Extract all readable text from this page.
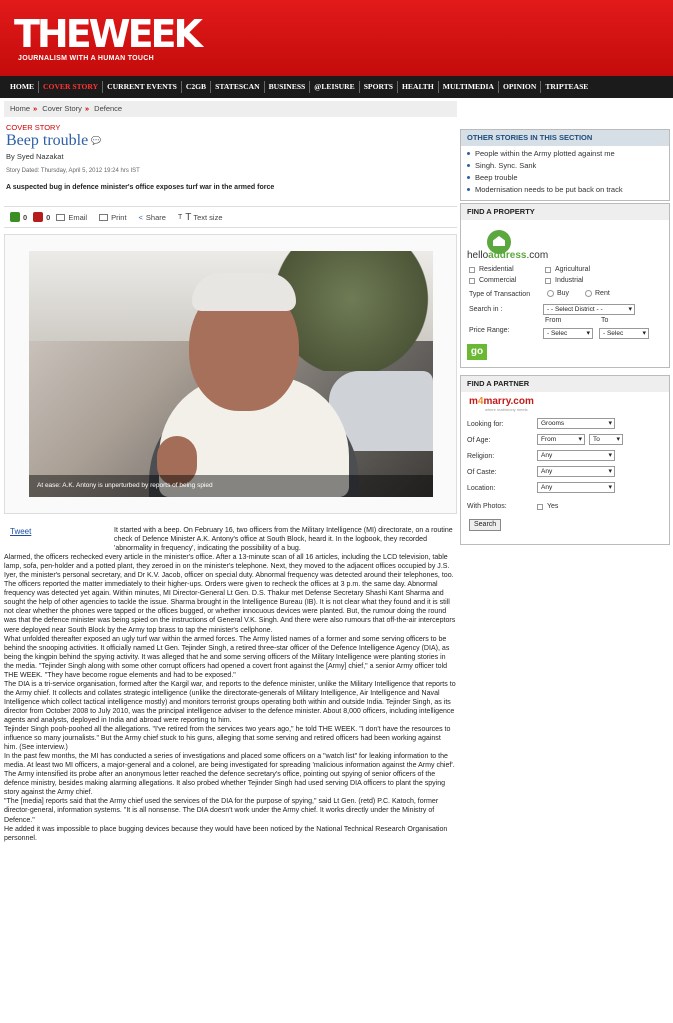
THEWEEK
JOURNALISM WITH A HUMAN TOUCH
HOME	COVER STORY	CURRENT EVENTS	C2GB	STATESCAN	BUSINESS	@LEISURE	SPORTS	HEALTH	MULTIMEDIA	OPINION	TRIPTEASE
Home » Cover Story » Defence
COVER STORY
Beep trouble 💬
By Syed Nazakat
Story Dated: Thursday, April 5, 2012 19:24 hrs IST
A suspected bug in defence minister's office exposes turf war in the armed force
0	0 Email	Print < Share T T Text size
At ease: A.K. Antony is unperturbed by reports of being spied

It started with a beep. On February 16, two officers from the Military Intelligence (MI) directorate, on a routine check of Defence Minister A.K. Antony's office at South Block, heard it. In the logbook, they recorded 'abnormality in frequency', indicating the possibility of a bug.

Alarmed, the officers rechecked every article in the minister's office. After a 13-minute scan of all 16 articles, including the LCD television, table lamp, sofa, pen-holder and a potted plant, they zeroed in on the minister's telephone. Next, they moved to the adjacent offices occupied by J.S. Iyer, the minister's personal secretary, and Dr K.V. Jacob, officer on special duty. Abnormal frequency was detected around their telephones, too.

The officers reported the matter immediately to their higher-ups. Orders were given to recheck the offices at 3 p.m. the same day. Abnormal frequency was detected yet again. Within minutes, MI Director-General Lt Gen. D.S. Thakur met Defense Secretary Shashi Kant Sharma and sought the help of other agencies to tackle the issue. Sharma brought in the Intelligence Bureau (IB). It is not clear what they found and it is still not clear whether the phones were tapped or the offices bugged, or whether innocuous devices were planted. But, the rumour doing the round was that the defence minister was being spied on the instructions of General V.K. Singh. And there were also rumours that off-the-air interceptors were deployed near South Block by the Army top brass to tap the minister's cellphone.

What unfolded thereafter exposed an ugly turf war within the armed forces. The Army listed names of a former and some serving officers to be behind the snooping activities. It officially named Lt Gen. Tejinder Singh, a retired three-star officer of the Defence Intelligence Agency (DIA), as being the kingpin behind the spying activity. It was alleged that he and some serving officers of the Military Intelligence were planting stories in the media. "Tejinder Singh along with some other corrupt officers had opened a covert front against the [Army] chief," a senior Army officer told THE WEEK. "They have become rogue elements and had to be exposed."

The DIA is a tri-service organisation, formed after the Kargil war, and reports to the defence minister, unlike the Military Intelligence that reports to the Army chief. It collects and collates strategic intelligence (unlike the directorate-generals of Military Intelligence, Air Intelligence and Naval Intelligence which collect tactical intelligence mostly) and monitors terrorist groups operating both within and outside India. Tejinder Singh, as its director from October 2008 to July 2010, was the principal intelligence adviser to the defence minister. About 8,000 officers, including intelligence agents and analysts, deployed in India and abroad were reporting to him.

Tejinder Singh pooh-poohed all the allegations. "I've retired from the services two years ago," he told THE WEEK. "I don't have the resources to influence so many journalists." But the Army chief stuck to his guns, alleging that some serving and retired officers had been working against him. (See interview.)

In the past few months, the MI has conducted a series of investigations and placed some officers on a "watch list" for leaking information to the media. At least two MI officers, a major-general and a colonel, are being investigated for spreading 'malicious information against the Army chief'.

The Army intensified its probe after an anonymous letter reached the defence secretary's office, pointing out spying of senior officers of the defence ministry, besides making alarming allegations. It also probed whether Tejinder Singh had used serving DIA officers to plant the spying story against the Army chief.

"The [media] reports said that the Army chief used the services of the DIA for the purpose of spying," said Lt Gen. (retd) P.C. Katoch, former director-general, information systems. "It is all nonsense. The DIA doesn't work under the Army chief. It works directly under the Ministry of Defence."

He added it was impossible to place bugging devices because they would have been noticed by the National Technical Research Organisation personnel.

Tweet
OTHER STORIES IN THIS SECTION
People within the Army plotted against me
Singh. Sync. Sank
Beep trouble
Modernisation needs to be put back on track
FIND A PROPERTY
helloaddress.com
Residential	Agricultural
Commercial	Industrial
Type of Transaction	Buy	Rent
Search in :	- - Select District - - ▾
From	To
Price Range:	- Selec ▾	- Selec ▾
go
FIND A PARTNER
m4marry.com
where matrimony meets
Looking for:	Grooms ▾
Of Age:	From ▾	To ▾
Religion:	Any ▾
Of Caste:	Any ▾
Location:	Any ▾
With Photos:	Yes
Search
